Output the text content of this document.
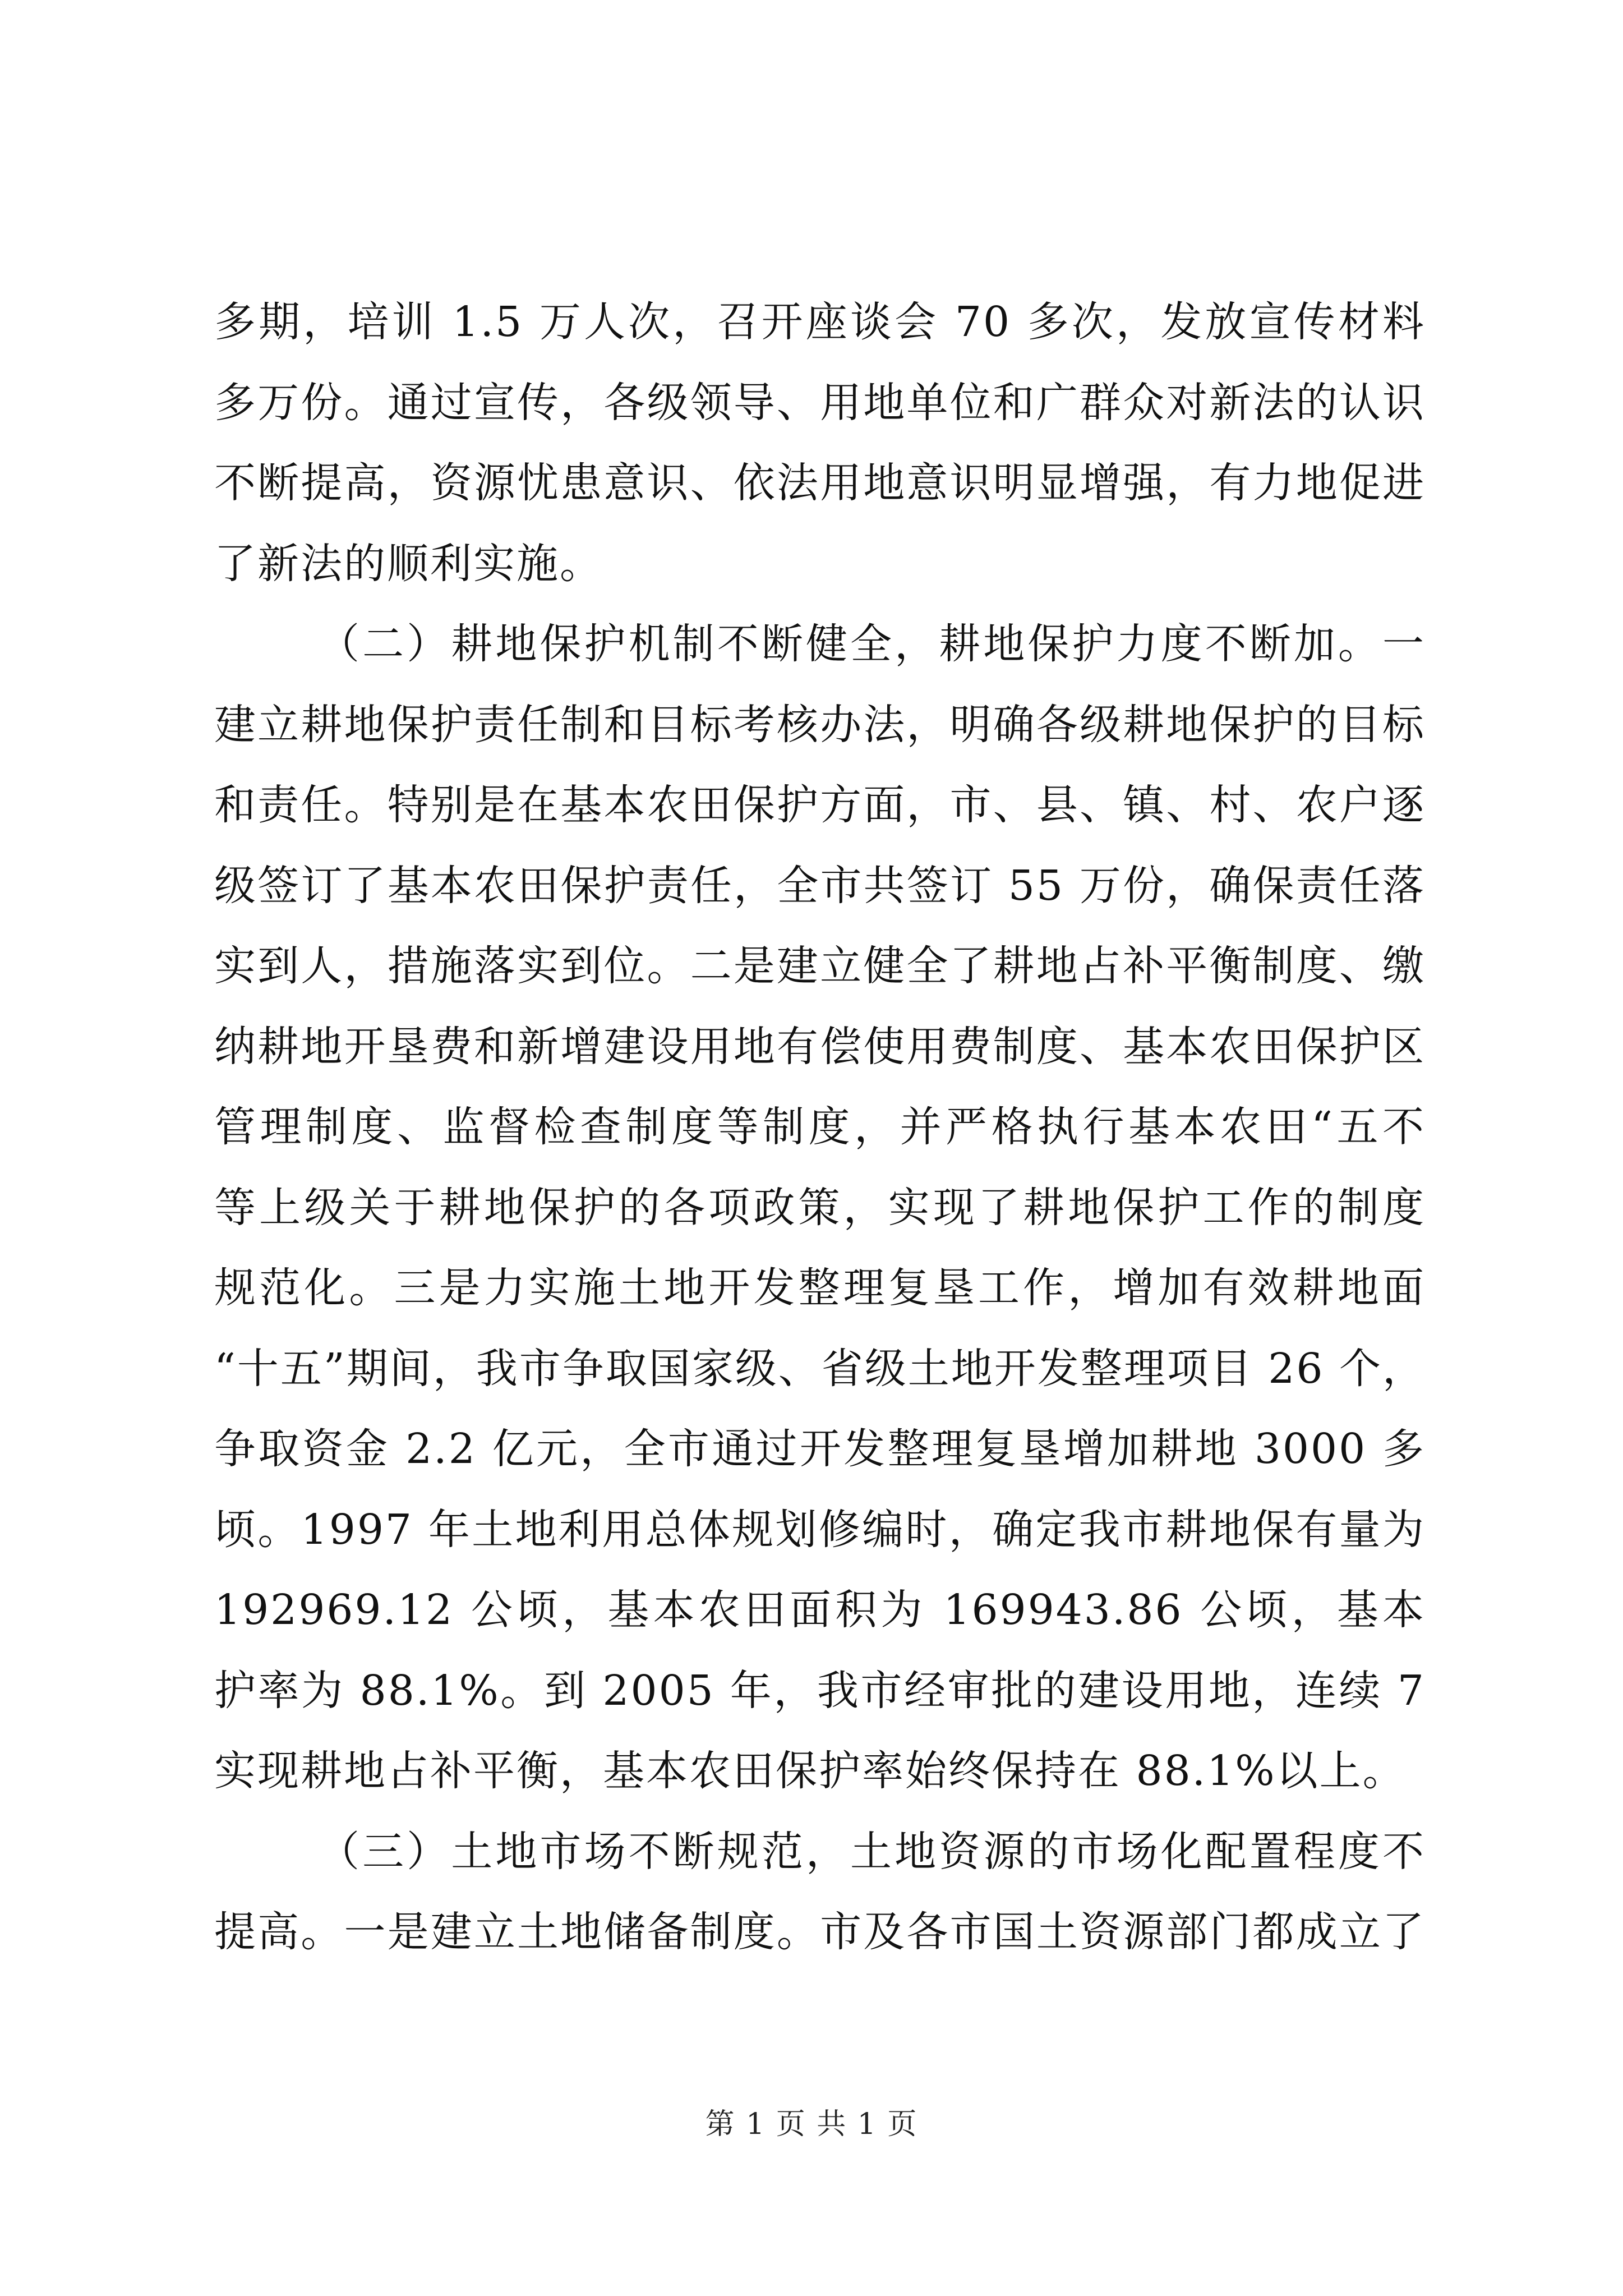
多期，培训 1.5 万人次，召开座谈会 70 多次，发放宣传材料
多万份。通过宣传，各级领导、用地单位和广群众对新法的认识
不断提高，资源忧患意识、依法用地意识明显增强，有力地促进
了新法的顺利实施。
（二）耕地保护机制不断健全，耕地保护力度不断加。一
建立耕地保护责任制和目标考核办法，明确各级耕地保护的目标
和责任。特别是在基本农田保护方面，市、县、镇、村、农户逐
级签订了基本农田保护责任，全市共签订 55 万份，确保责任落
实到人，措施落实到位。二是建立健全了耕地占补平衡制度、缴
纳耕地开垦费和新增建设用地有偿使用费制度、基本农田保护区
管理制度、监督检查制度等制度，并严格执行基本农田“五不
等上级关于耕地保护的各项政策，实现了耕地保护工作的制度
规范化。三是力实施土地开发整理复垦工作，增加有效耕地面
“十五”期间，我市争取国家级、省级土地开发整理项目 26 个，
争取资金 2.2 亿元，全市通过开发整理复垦增加耕地 3000 多
顷。1997 年土地利用总体规划修编时，确定我市耕地保有量为
192969.12 公顷，基本农田面积为 169943.86 公顷，基本
护率为 88.1%。到 2005 年，我市经审批的建设用地，连续 7
实现耕地占补平衡，基本农田保护率始终保持在 88.1%以上。
（三）土地市场不断规范，土地资源的市场化配置程度不
提高。一是建立土地储备制度。市及各市国土资源部门都成立了
第 1 页 共 1 页
